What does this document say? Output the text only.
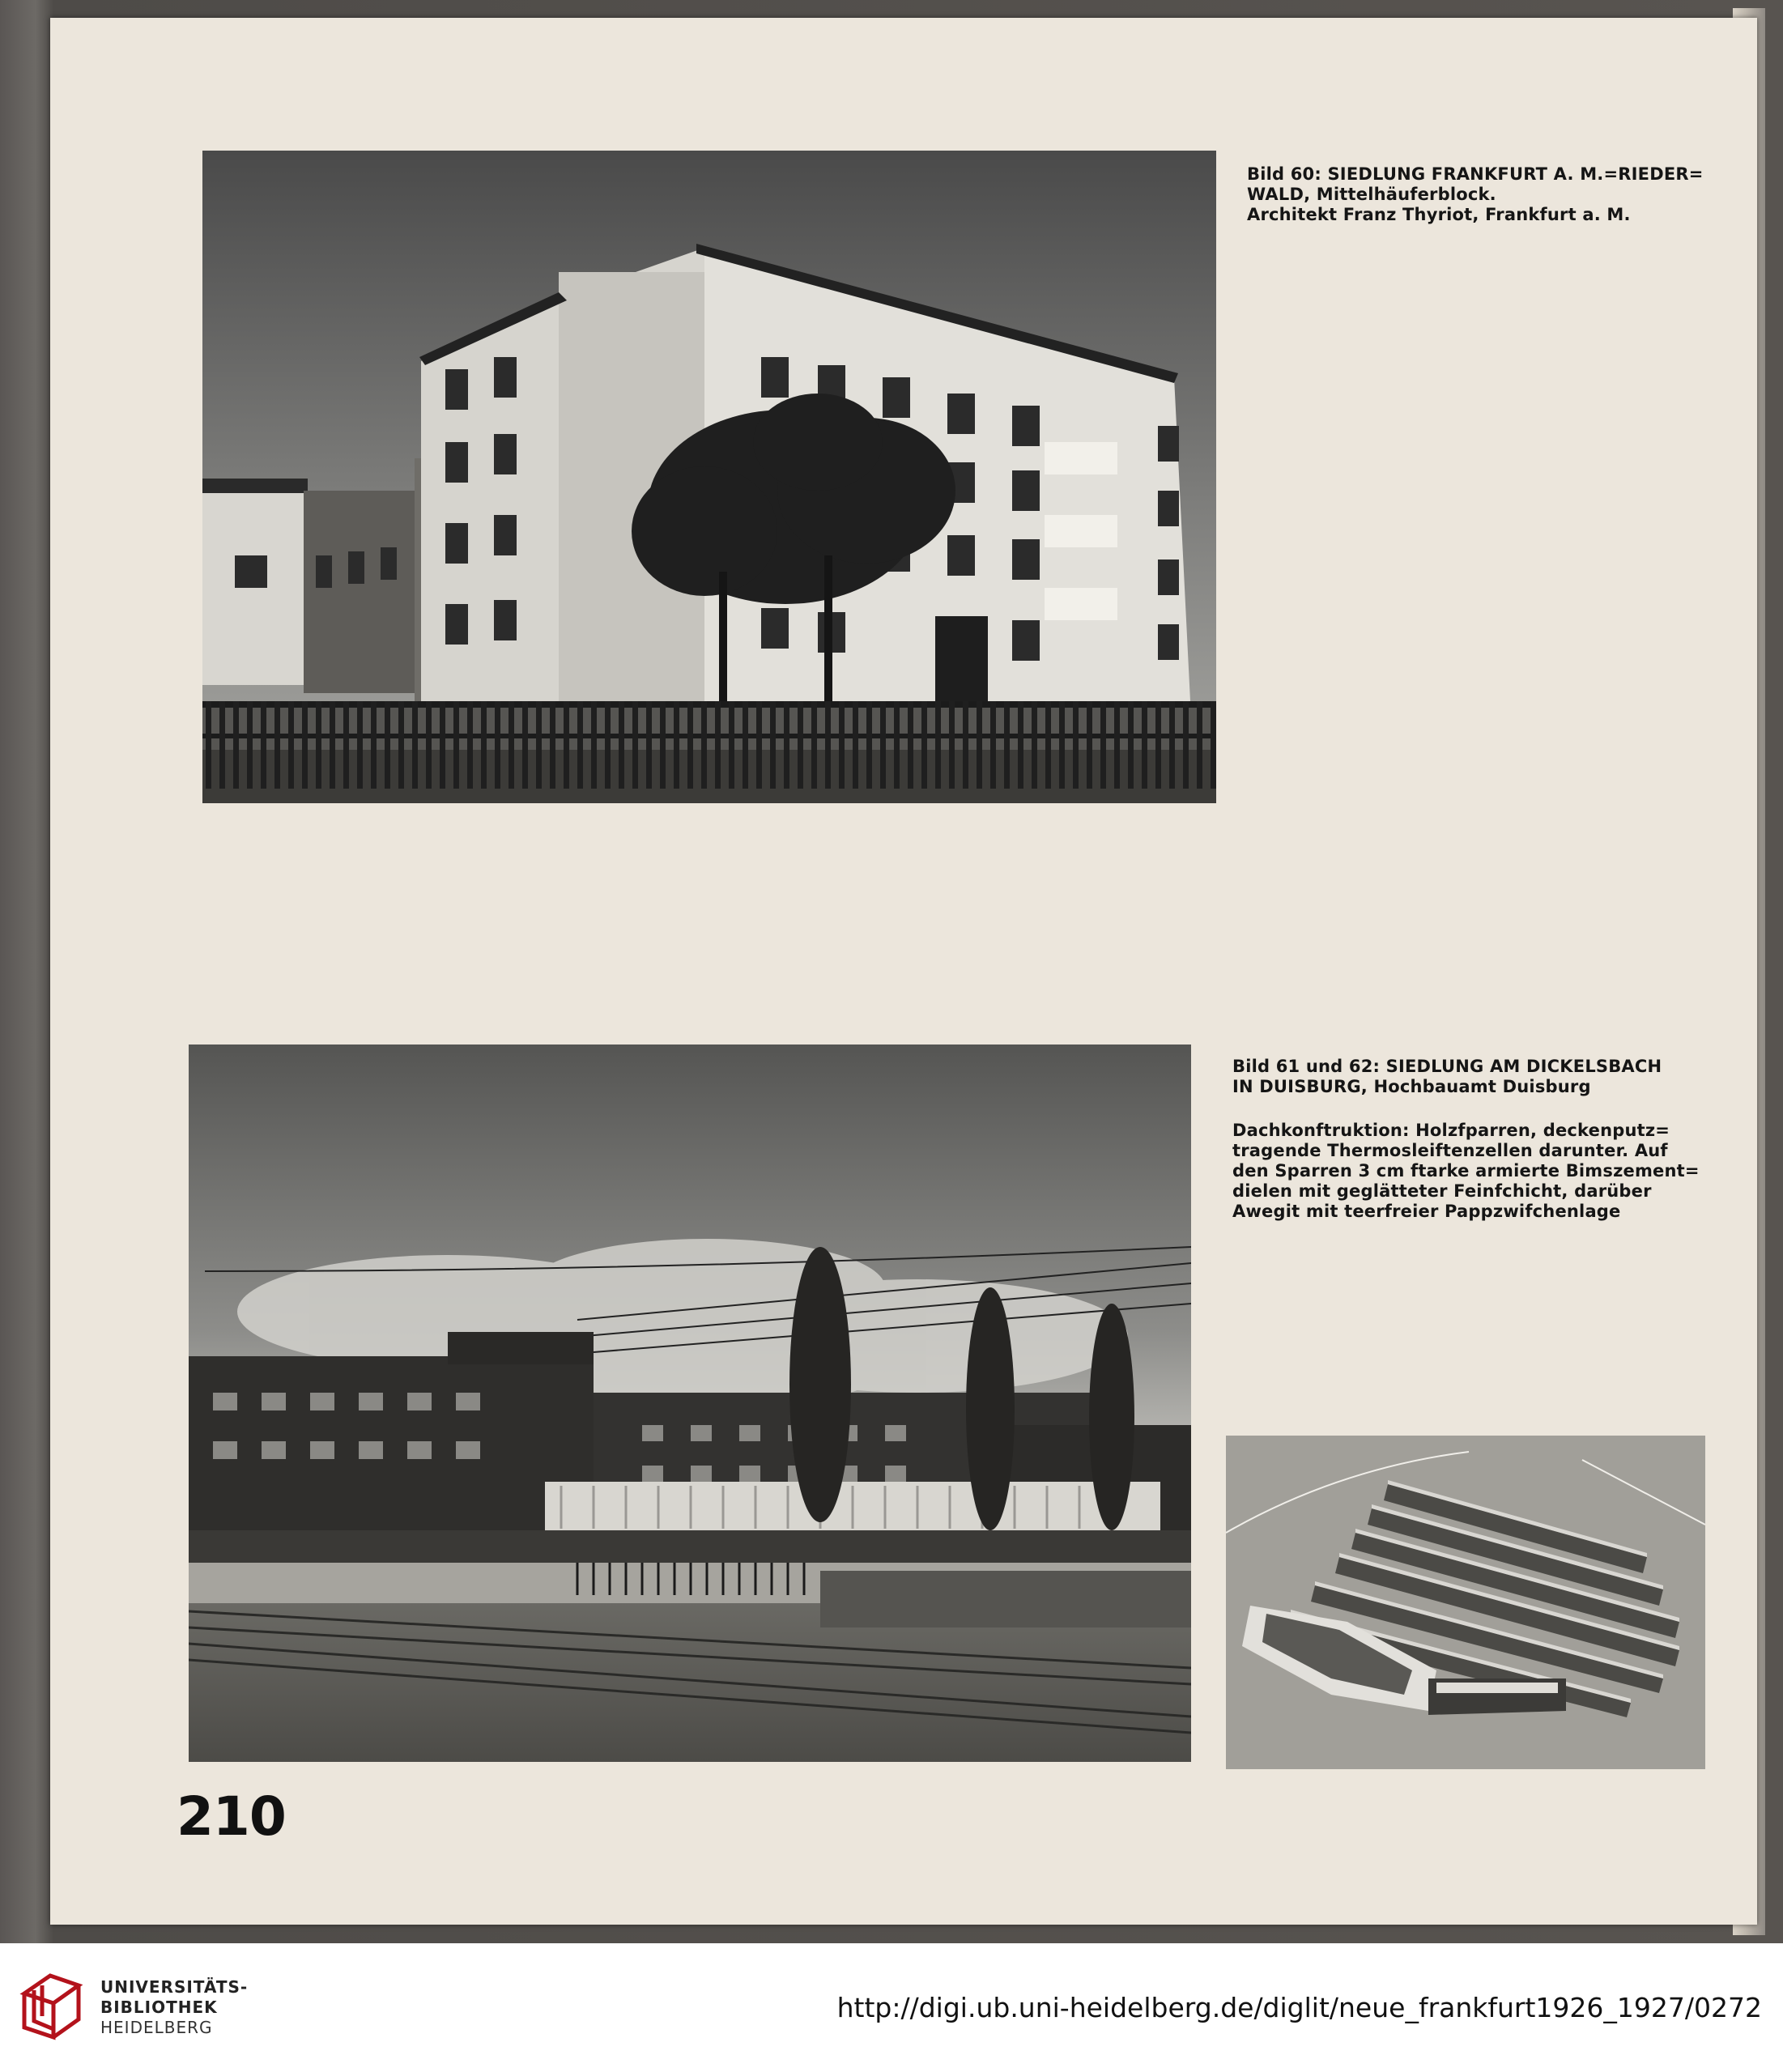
Bild 60: SIEDLUNG FRANKFURT A. M.=RIEDER=
WALD, Mittelhäuferblock.
Architekt Franz Thyriot, Frankfurt a. M.
Bild 61 und 62: SIEDLUNG AM DICKELSBACH
IN DUISBURG, Hochbauamt Duisburg
Dachkonftruktion: Holzfparren, deckenputz=
tragende Thermosleiftenzellen darunter. Auf
den Sparren 3 cm ftarke armierte Bimszement=
dielen mit geglätteter Feinfchicht, darüber
Awegit mit teerfreier Pappzwifchenlage
210
UNIVERSITÄTS-
BIBLIOTHEK
HEIDELBERG
http://digi.ub.uni-heidelberg.de/diglit/neue_frankfurt1926_1927/0272
